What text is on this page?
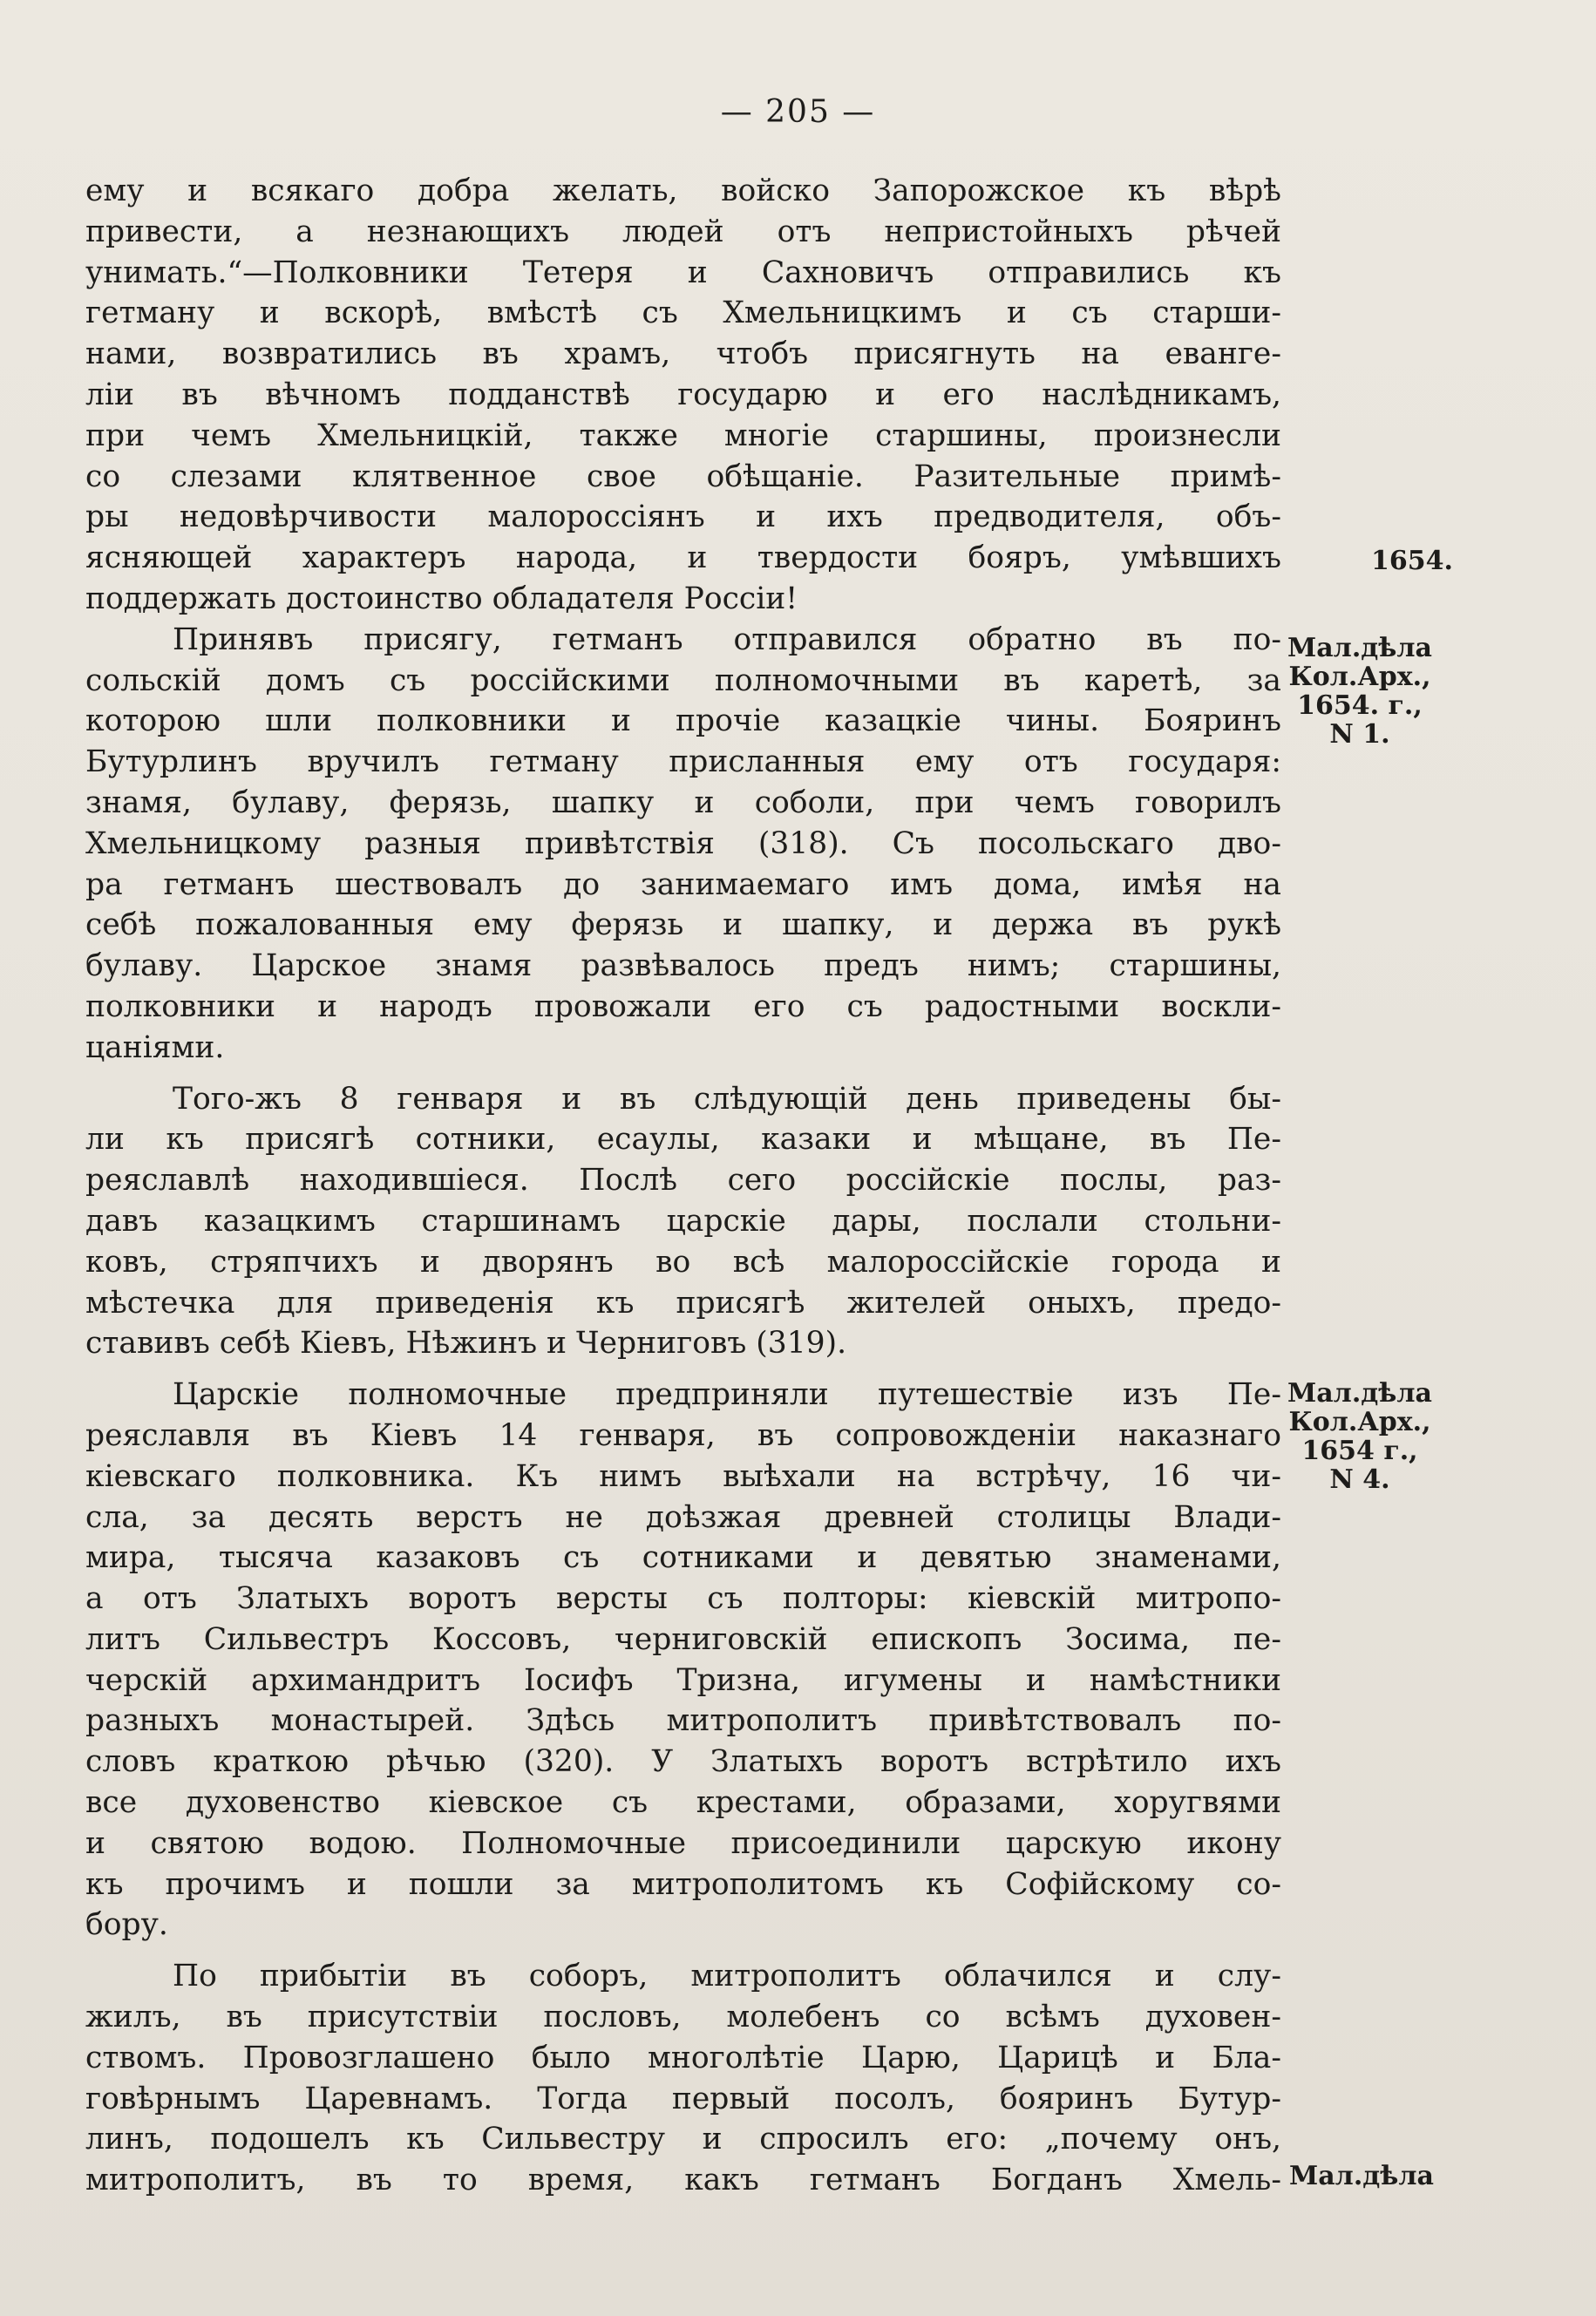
— 205 —
ему и всякаго добра желать, войско Запорожское къ вѣрѣ
привести, а незнающихъ людей отъ непристойныхъ рѣчей
унимать.“—Полковники Тетеря и Сахновичъ отправились къ
гетману и вскорѣ, вмѣстѣ съ Хмельницкимъ и съ старши-
нами, возвратились въ храмъ, чтобъ присягнуть на еванге-
ліи въ вѣчномъ подданствѣ государю и его наслѣдникамъ,
при чемъ Хмельницкій, также многіе старшины, произнесли
со слезами клятвенное свое обѣщаніе. Разительные примѣ-
ры недовѣрчивости малороссіянъ и ихъ предводителя, объ-
ясняющей характеръ народа, и твердости бояръ, умѣвшихъ
поддержать достоинство обладателя Россіи!
Принявъ присягу, гетманъ отправился обратно въ по-
сольскій домъ съ россійскими полномочными въ каретѣ, за
которою шли полковники и прочіе казацкіе чины. Бояринъ
Бутурлинъ вручилъ гетману присланныя ему отъ государя:
знамя, булаву, ферязь, шапку и соболи, при чемъ говорилъ
Хмельницкому разныя привѣтствія (318). Съ посольскаго дво-
ра гетманъ шествовалъ до занимаемаго имъ дома, имѣя на
себѣ пожалованныя ему ферязь и шапку, и держа въ рукѣ
булаву. Царское знамя развѣвалось предъ нимъ; старшины,
полковники и народъ провожали его съ радостными воскли-
цаніями.
Того-жъ 8 генваря и въ слѣдующій день приведены бы-
ли къ присягѣ сотники, есаулы, казаки и мѣщане, въ Пе-
реяславлѣ находившіеся. Послѣ сего россійскіе послы, раз-
давъ казацкимъ старшинамъ царскіе дары, послали стольни-
ковъ, стряпчихъ и дворянъ во всѣ малороссійскіе города и
мѣстечка для приведенія къ присягѣ жителей оныхъ, предо-
ставивъ себѣ Кіевъ, Нѣжинъ и Черниговъ (319).
Царскіе полномочные предприняли путешествіе изъ Пе-
реяславля въ Кіевъ 14 генваря, въ сопровожденіи наказнаго
кіевскаго полковника. Къ нимъ выѣхали на встрѣчу, 16 чи-
сла, за десять верстъ не доѣзжая древней столицы Влади-
мира, тысяча казаковъ съ сотниками и девятью знаменами,
а отъ Златыхъ воротъ версты съ полторы: кіевскій митропо-
литъ Сильвестръ Коссовъ, черниговскій епископъ Зосима, пе-
черскій архимандритъ Іосифъ Тризна, игумены и намѣстники
разныхъ монастырей. Здѣсь митрополитъ привѣтствовалъ по-
словъ краткою рѣчью (320). У Златыхъ воротъ встрѣтило ихъ
все духовенство кіевское съ крестами, образами, хоругвями
и святою водою. Полномочные присоединили царскую икону
къ прочимъ и пошли за митрополитомъ къ Софійскому со-
бору.
По прибытіи въ соборъ, митрополитъ облачился и слу-
жилъ, въ присутствіи пословъ, молебенъ со всѣмъ духовен-
ствомъ. Провозглашено было многолѣтіе Царю, Царицѣ и Бла-
говѣрнымъ Царевнамъ. Тогда первый посолъ, бояринъ Бутур-
линъ, подошелъ къ Сильвестру и спросилъ его: „почему онъ,
митрополитъ, въ то время, какъ гетманъ Богданъ Хмель-
1654.
Мал.дѣла
Кол.Арх.,
1654. г.,
N 1.
Мал.дѣла
Кол.Арх.,
1654 г.,
N 4.
Мал.дѣла
